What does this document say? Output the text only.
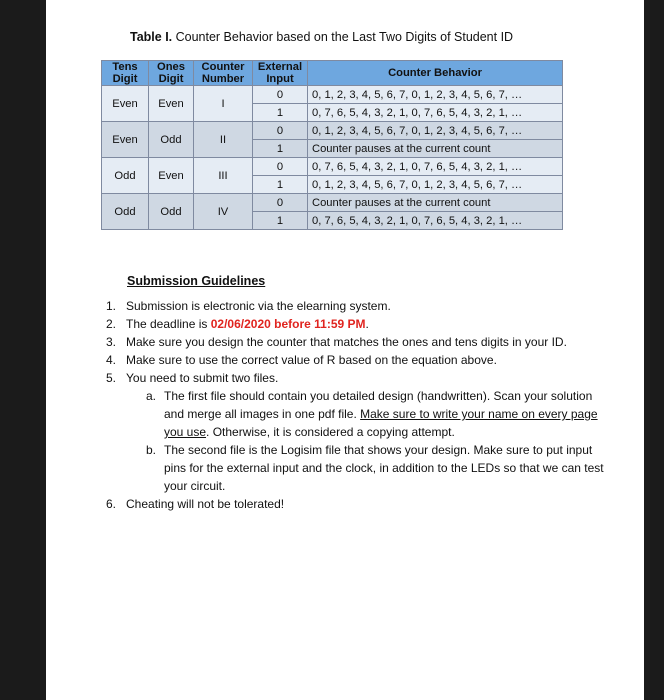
Table I. Counter Behavior based on the Last Two Digits of Student ID
Tens Digit	Ones Digit	Counter Number	External Input	Counter Behavior
Even	Even	I	0	0, 1, 2, 3, 4, 5, 6, 7, 0, 1, 2, 3, 4, 5, 6, 7, …
			1	0, 7, 6, 5, 4, 3, 2, 1, 0, 7, 6, 5, 4, 3, 2, 1, …
Even	Odd	II	0	0, 1, 2, 3, 4, 5, 6, 7, 0, 1, 2, 3, 4, 5, 6, 7, …
			1	Counter pauses at the current count
Odd	Even	III	0	0, 7, 6, 5, 4, 3, 2, 1, 0, 7, 6, 5, 4, 3, 2, 1, …
			1	0, 1, 2, 3, 4, 5, 6, 7, 0, 1, 2, 3, 4, 5, 6, 7, …
Odd	Odd	IV	0	Counter pauses at the current count
			1	0, 7, 6, 5, 4, 3, 2, 1, 0, 7, 6, 5, 4, 3, 2, 1, …
Submission Guidelines
1. Submission is electronic via the elearning system.
2. The deadline is 02/06/2020 before 11:59 PM.
3. Make sure you design the counter that matches the ones and tens digits in your ID.
4. Make sure to use the correct value of R based on the equation above.
5. You need to submit two files.
a. The first file should contain you detailed design (handwritten). Scan your solution and merge all images in one pdf file. Make sure to write your name on every page you use. Otherwise, it is considered a copying attempt.
b. The second file is the Logisim file that shows your design. Make sure to put input pins for the external input and the clock, in addition to the LEDs so that we can test your circuit.
6. Cheating will not be tolerated!
